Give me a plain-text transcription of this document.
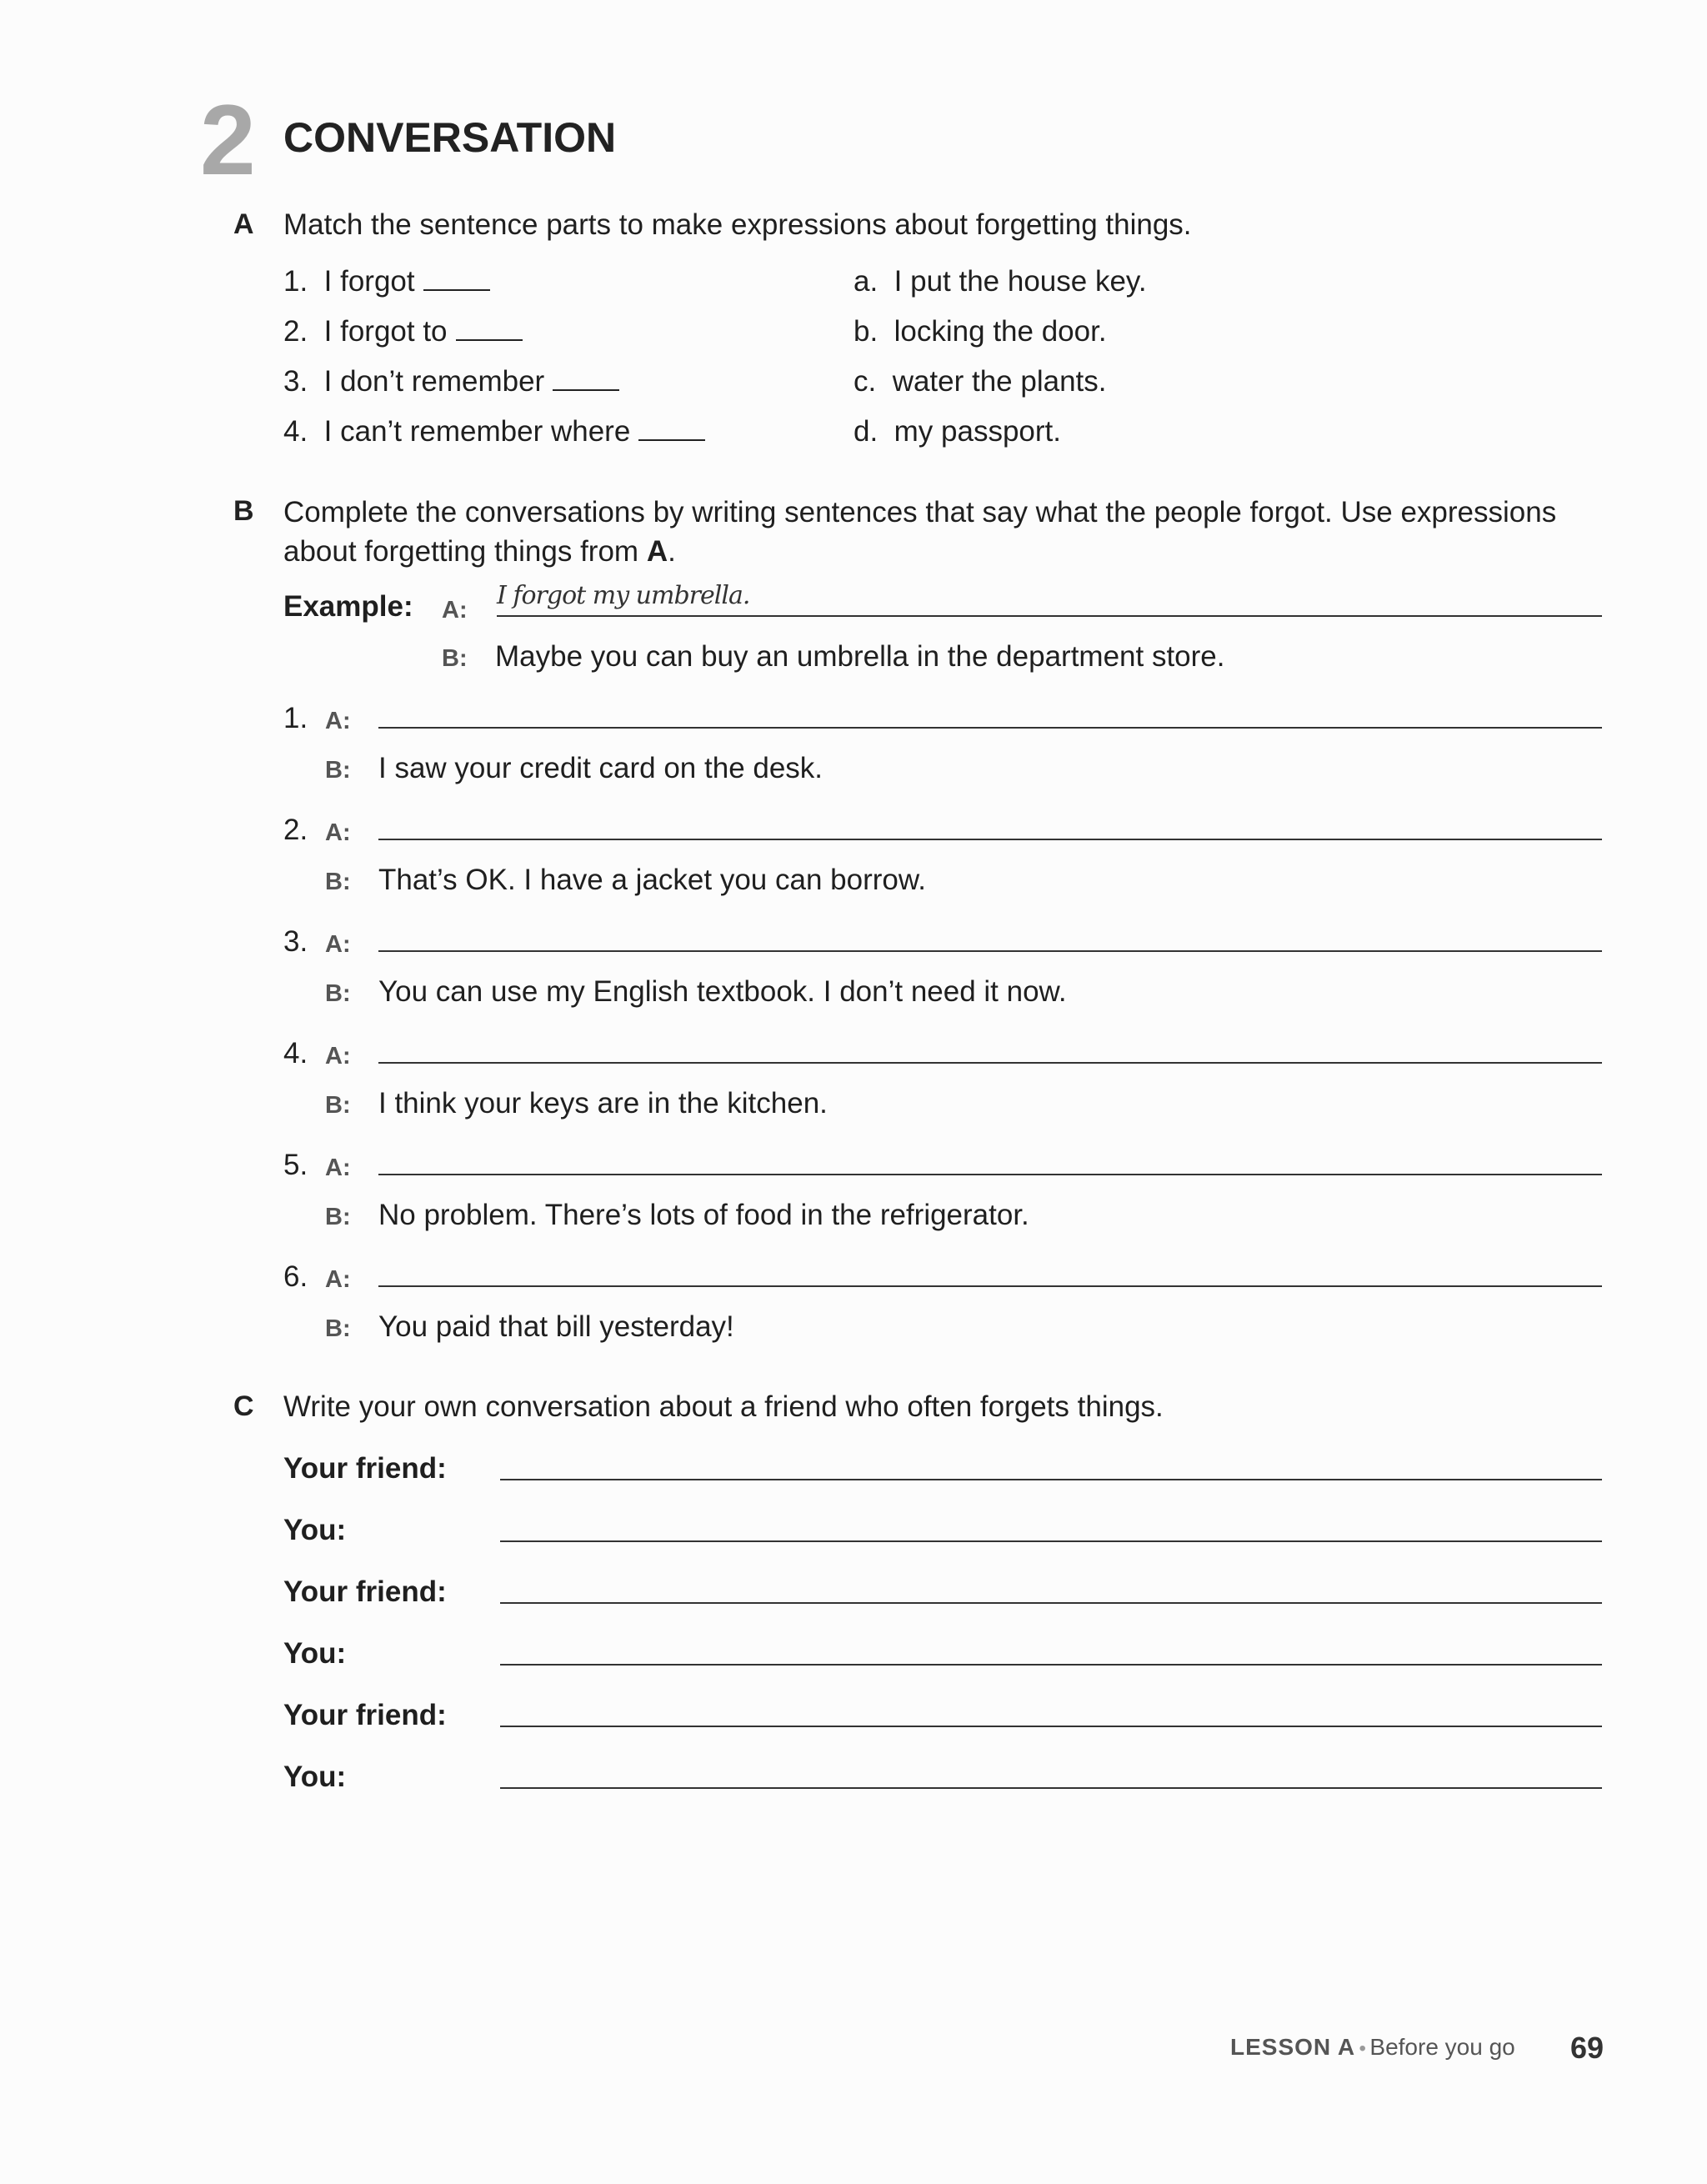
2 CONVERSATION
A Match the sentence parts to make expressions about forgetting things.
1. I forgot
2. I forgot to
3. I don’t remember
4. I can’t remember where
a. I put the house key.
b. locking the door.
c. water the plants.
d. my passport.
B Complete the conversations by writing sentences that say what the people forgot. Use expressions
about forgetting things from A.
Example: A: I forgot my umbrella.
B: Maybe you can buy an umbrella in the department store.
1. A:
B: I saw your credit card on the desk.
2. A:
B: That’s OK. I have a jacket you can borrow.
3. A:
B: You can use my English textbook. I don’t need it now.
4. A:
B: I think your keys are in the kitchen.
5. A:
B: No problem. There’s lots of food in the refrigerator.
6. A:
B: You paid that bill yesterday!
C Write your own conversation about a friend who often forgets things.
Your friend:
You:
Your friend:
You:
Your friend:
You:
LESSON A • Before you go 69
